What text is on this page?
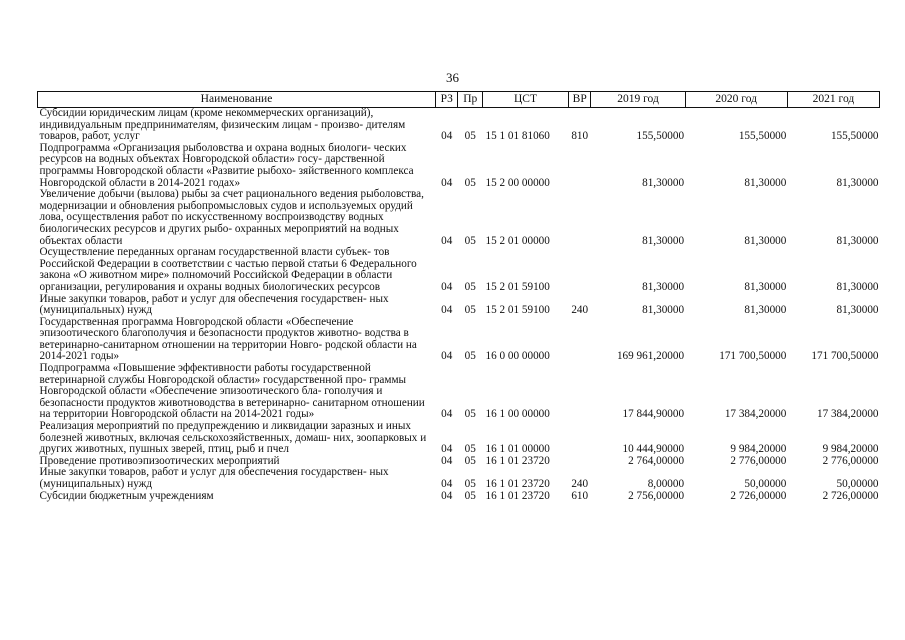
36
Наименование	РЗ	Пр	ЦСТ	ВР	2019 год	2020 год	2021 год
Субсидии юридическим лицам (кроме некоммерческих организаций), индивидуальным предпринимателям, физическим лицам - произво- дителям товаров, работ, услуг	04	05	15 1 01 81060	810	155,50000	155,50000	155,50000
Подпрограмма «Организация рыболовства и охрана водных биологи- ческих ресурсов на водных объектах Новгородской области» госу- дарственной программы Новгородской области «Развитие рыбохо- зяйственного комплекса Новгородской области в 2014-2021 годах»	04	05	15 2 00 00000		81,30000	81,30000	81,30000
Увеличение добычи (вылова) рыбы за счет рационального ведения рыболовства, модернизации и обновления рыбопромысловых судов и используемых орудий лова, осуществления работ по искусственному воспроизводству водных биологических ресурсов и других рыбо- охранных мероприятий на водных объектах области	04	05	15 2 01 00000		81,30000	81,30000	81,30000
Осуществление переданных органам государственной власти субъек- тов Российской Федерации в соответствии с частью первой статьи 6 Федерального закона «О животном мире» полномочий Российской Федерации в области организации, регулирования и охраны водных биологических ресурсов	04	05	15 2 01 59100		81,30000	81,30000	81,30000
Иные закупки товаров, работ и услуг для обеспечения государствен- ных (муниципальных) нужд	04	05	15 2 01 59100	240	81,30000	81,30000	81,30000
Государственная программа Новгородской области «Обеспечение эпизоотического благополучия и безопасности продуктов животно- водства в ветеринарно-санитарном отношении на территории Новго- родской области на 2014-2021 годы»	04	05	16 0 00 00000		169 961,20000	171 700,50000	171 700,50000
Подпрограмма «Повышение эффективности работы государственной ветеринарной службы Новгородской области» государственной про- граммы Новгородской области «Обеспечение эпизоотического бла- гополучия и безопасности продуктов животноводства в ветеринарно- санитарном отношении на территории Новгородской области на 2014-2021 годы»	04	05	16 1 00 00000		17 844,90000	17 384,20000	17 384,20000
Реализация мероприятий по предупреждению и ликвидации заразных и иных болезней животных, включая сельскохозяйственных, домаш- них, зоопарковых и других животных, пушных зверей, птиц, рыб и пчел	04	05	16 1 01 00000		10 444,90000	9 984,20000	9 984,20000
Проведение противоэпизоотических мероприятий	04	05	16 1 01 23720		2 764,00000	2 776,00000	2 776,00000
Иные закупки товаров, работ и услуг для обеспечения государствен- ных (муниципальных) нужд	04	05	16 1 01 23720	240	8,00000	50,00000	50,00000
Субсидии бюджетным учреждениям	04	05	16 1 01 23720	610	2 756,00000	2 726,00000	2 726,00000
